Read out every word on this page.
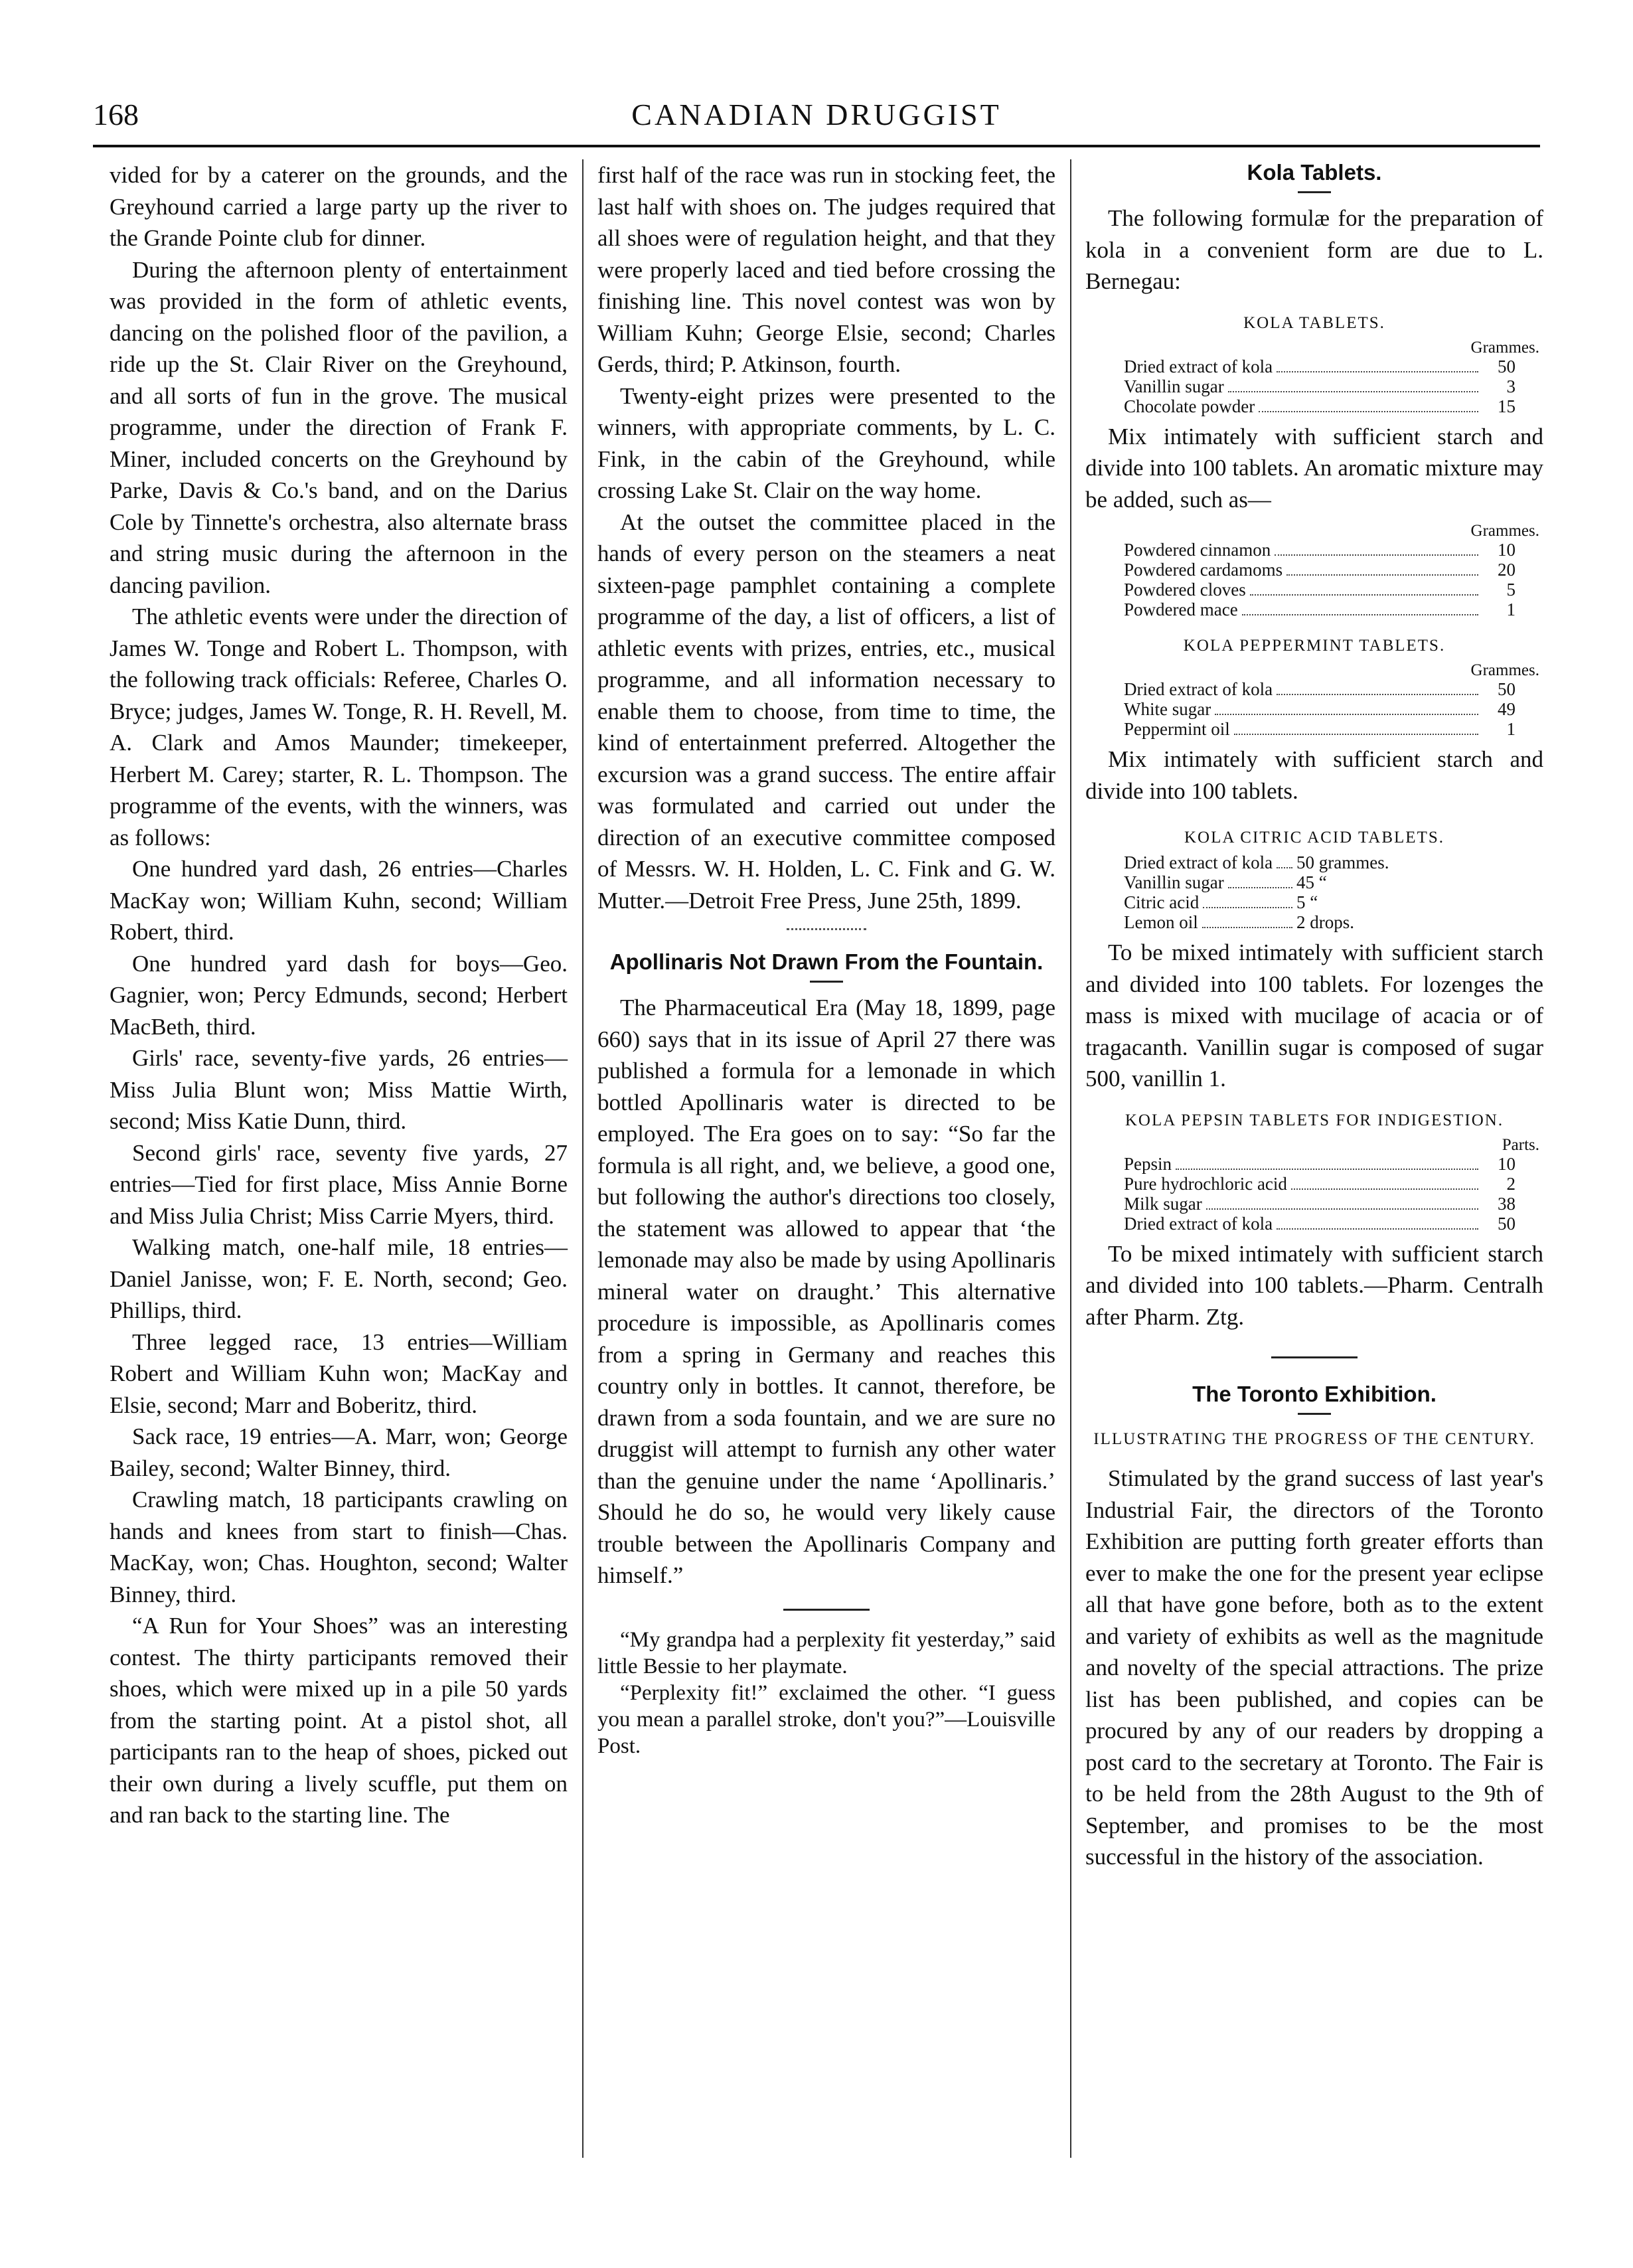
168	CANADIAN DRUGGIST

vided for by a caterer on the grounds, and the Greyhound carried a large party up the river to the Grande Pointe club for dinner.

During the afternoon plenty of entertainment was provided in the form of athletic events, dancing on the polished floor of the pavilion, a ride up the St. Clair River on the Greyhound, and all sorts of fun in the grove. The musical programme, under the direction of Frank F. Miner, included concerts on the Greyhound by Parke, Davis & Co.'s band, and on the Darius Cole by Tinnette's orchestra, also alternate brass and string music during the afternoon in the dancing pavilion.

The athletic events were under the direction of James W. Tonge and Robert L. Thompson, with the following track officials: Referee, Charles O. Bryce; judges, James W. Tonge, R. H. Revell, M. A. Clark and Amos Maunder; timekeeper, Herbert M. Carey; starter, R. L. Thompson. The programme of the events, with the winners, was as follows:

One hundred yard dash, 26 entries—Charles MacKay won; William Kuhn, second; William Robert, third.

One hundred yard dash for boys—Geo. Gagnier, won; Percy Edmunds, second; Herbert MacBeth, third.

Girls' race, seventy-five yards, 26 entries—Miss Julia Blunt won; Miss Mattie Wirth, second; Miss Katie Dunn, third.

Second girls' race, seventy five yards, 27 entries—Tied for first place, Miss Annie Borne and Miss Julia Christ; Miss Carrie Myers, third.

Walking match, one-half mile, 18 entries—Daniel Janisse, won; F. E. North, second; Geo. Phillips, third.

Three legged race, 13 entries—William Robert and William Kuhn won; MacKay and Elsie, second; Marr and Boberitz, third.

Sack race, 19 entries—A. Marr, won; George Bailey, second; Walter Binney, third.

Crawling match, 18 participants crawling on hands and knees from start to finish—Chas. MacKay, won; Chas. Houghton, second; Walter Binney, third.

“A Run for Your Shoes” was an interesting contest. The thirty participants removed their shoes, which were mixed up in a pile 50 yards from the starting point. At a pistol shot, all participants ran to the heap of shoes, picked out their own during a lively scuffle, put them on and ran back to the starting line. The

first half of the race was run in stocking feet, the last half with shoes on. The judges required that all shoes were of regulation height, and that they were properly laced and tied before crossing the finishing line. This novel contest was won by William Kuhn; George Elsie, second; Charles Gerds, third; P. Atkinson, fourth.

Twenty-eight prizes were presented to the winners, with appropriate comments, by L. C. Fink, in the cabin of the Greyhound, while crossing Lake St. Clair on the way home.

At the outset the committee placed in the hands of every person on the steamers a neat sixteen-page pamphlet containing a complete programme of the day, a list of officers, a list of athletic events with prizes, entries, etc., musical programme, and all information necessary to enable them to choose, from time to time, the kind of entertainment preferred. Altogether the excursion was a grand success. The entire affair was formulated and carried out under the direction of an executive committee composed of Messrs. W. H. Holden, L. C. Fink and G. W. Mutter.—Detroit Free Press, June 25th, 1899.

Apollinaris Not Drawn From the Fountain.

The Pharmaceutical Era (May 18, 1899, page 660) says that in its issue of April 27 there was published a formula for a lemonade in which bottled Apollinaris water is directed to be employed. The Era goes on to say: “So far the formula is all right, and, we believe, a good one, but following the author's directions too closely, the statement was allowed to appear that ‘the lemonade may also be made by using Apollinaris mineral water on draught.’ This alternative procedure is impossible, as Apollinaris comes from a spring in Germany and reaches this country only in bottles. It cannot, therefore, be drawn from a soda fountain, and we are sure no druggist will attempt to furnish any other water than the genuine under the name ‘Apollinaris.’ Should he do so, he would very likely cause trouble between the Apollinaris Company and himself.”

“My grandpa had a perplexity fit yesterday,” said little Bessie to her playmate.

“Perplexity fit!” exclaimed the other. “I guess you mean a parallel stroke, don't you?”—Louisville Post.

Kola Tablets.

The following formulæ for the preparation of kola in a convenient form are due to L. Bernegau:

KOLA TABLETS.
Grammes.
Dried extract of kola	50
Vanillin sugar	3
Chocolate powder	15

Mix intimately with sufficient starch and divide into 100 tablets. An aromatic mixture may be added, such as—

Grammes.
Powdered cinnamon	10
Powdered cardamoms	20
Powdered cloves	5
Powdered mace	1
KOLA PEPPERMINT TABLETS.
Grammes.
Dried extract of kola	50
White sugar	49
Peppermint oil	1

Mix intimately with sufficient starch and divide into 100 tablets.

KOLA CITRIC ACID TABLETS.
Dried extract of kola 50 grammes.
Vanillin sugar	45 “
Citric acid	5 “
Lemon oil	2 drops.

To be mixed intimately with sufficient starch and divided into 100 tablets. For lozenges the mass is mixed with mucilage of acacia or of tragacanth. Vanillin sugar is composed of sugar 500, vanillin 1.

KOLA PEPSIN TABLETS FOR INDIGESTION.
Parts.
Pepsin	10
Pure hydrochloric acid	2
Milk sugar	38
Dried extract of kola	50

To be mixed intimately with sufficient starch and divided into 100 tablets.—Pharm. Centralh after Pharm. Ztg.

The Toronto Exhibition.
ILLUSTRATING THE PROGRESS OF THE CENTURY.

Stimulated by the grand success of last year's Industrial Fair, the directors of the Toronto Exhibition are putting forth greater efforts than ever to make the one for the present year eclipse all that have gone before, both as to the extent and variety of exhibits as well as the magnitude and novelty of the special attractions. The prize list has been published, and copies can be procured by any of our readers by dropping a post card to the secretary at Toronto. The Fair is to be held from the 28th August to the 9th of September, and promises to be the most successful in the history of the association.
